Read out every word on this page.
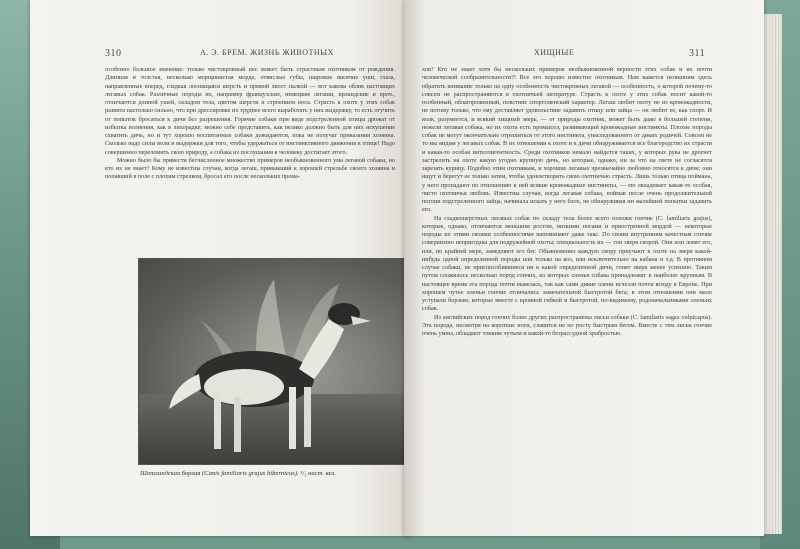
310	А. Э. БРЕМ. ЖИЗНЬ ЖИВОТНЫХ

особенно большое значение: только чистокровный пес может быть страстным охотником от рождения. Длинная и толстая, несколько морщинистая морда, отвислые губы, широкие висячие уши, глаза, направленные вперед, гладкая лоснящаяся шерсть и прямой хвост палкой — вот какова облик настоящих легавых собак. Различные породы их, например французские, немецкие легаши, ирландские и проч., отличаются длиной ушей, складом тела, цветом шерсти и строением носа. Страсть к охоте у этих собак развита настолько сильно, что при дрессировке их труднее всего выработать у них выдержку, то есть отучить от попыток бросаться к дичи без разрешения. Горячие собаки при виде подстреленной птицы дрожат от избытка волнения, как в лихорадке; можно себе представить, как велико должно быть для них искушение схватить дичь, но и тут хорошо воспитанные собаки дожидаются, пока не получат приказания хозяина. Сколько надо силы воли и выдержки для того, чтобы удержаться от инстинктивного движения к птице! Надо совершенно переломить свою природу, а собака из послушания к человеку достигает этого.

Можно было бы привести бесчисленное множество примеров необыкновенного ума легавой собаки, но кто их не знает? Кому не известны случаи, когда легаш, привыкший к хорошей стрельбе своего хозяина и попавший в поле с плохим стрелком, бросал его после нескольких прома-

Шотландская борзая (Canis familiaris grajus hibernicus). ¹/₁ наст. вел.
ХИЩНЫЕ	311

хов? Кто не знает хотя бы нескольких примеров необыкновенной верности этих собак и их почти человеческой сообразительности?! Все это хорошо известно охотникам. Нам кажется нелишним здесь обратить внимание только на одну особенность чистокровных легавой — особенность, о которой почему-то совсем не распространяются в охотничьей литературе. Страсть к охоте у этих собак носит какой-то особенный, облагороженный, повстине спортсменский характер. Легаш любит охоту не из кровожадности, не потому только, что ему доставляет удовольствие задавить птицу или зайца — он любит ее, как спорт. И волк, разумеется, и всякий хищный зверь, — от природы охотник, может быть даже в большей степени, нежели легавая собака, но их охота есть промысел, развивающий кровожадные инстинкты. Плохие породы собак не могут окончательно отрешиться от этого инстинкта, унаследованного от диких родичей. Совсем не то мы видим у легавых собак. В их отношении к охоте и к дичи обнаруживается все благородство их страсти и какая-то особая интеллигентность. Среди охотников немало найдется таких, у которых рука не дрогнет застрелить на охоте какую угодно крупную дичь, но которые, однако, ни за что на свете не согласятся зарезать курицу. Подобно этим охотникам, и хорошие легавые чрезвычайно любовно относятся к дичи; они ищут и берегут ее только затем, чтобы удовлетворить свою охотничью страсть. Лишь только птица поймана, у него пропадают по отношению к ней всякие кровожадные инстинкты, — ею овладевает какая-то особая, чисто охотничья любовь. Известны случаи, когда легавая собака, поймав после очень продолжительной погони подстреленного зайца, начинала искать у него блох, не обнаруживая ни малейшей попытки задавить его.

На гладкошерстных легавых собак по складу тела более всего похожи гончие (C. familiaris grajus), которые, однако, отличаются меньшим ростом, низкими ногами и приостренной мордой — некоторые породы их этими своими особенностями напоминают даже такс. По своим внутренним качествам гончие совершенно непригодны для подружейной охоты; специальность их — гон зверя сворой. Они или ловят его, или, по крайней мере, замедляют его бег. Обыкновенно каждую свору приучают к охоте на зверя какой-нибудь одной определенной породы или только на коз, или исключительно на кабана и т.д. В противном случае собаки, не приспособившиеся ни к какой определенной дичи, гонят зверя менее успешно. Таким путем сложилось несколько пород гончих, из которых оленья собака принадлежит к наиболее крупным. В настоящее время эта порода почти вывелась, так как сами дикие олени исчезли почти всюду в Европе. При хорошем чутье оленьи гончие отличались замечательной быстротой бега; в этом отношении они мало уступали борзым, которые вместе с кровной гибкой и быстротой, по-видимому, родоначальниками оленьих собак.

Из английских пород гончих более других распространены лисьи собаки (C. familiaris sagax vulpicapus). Эта порода, несмотря на короткие ноги, славится не по росту быстрым бегом. Вместе с тем лисьи гончие очень умны, обладают тонким чутьем и какой-то безрассудной храбростью.
